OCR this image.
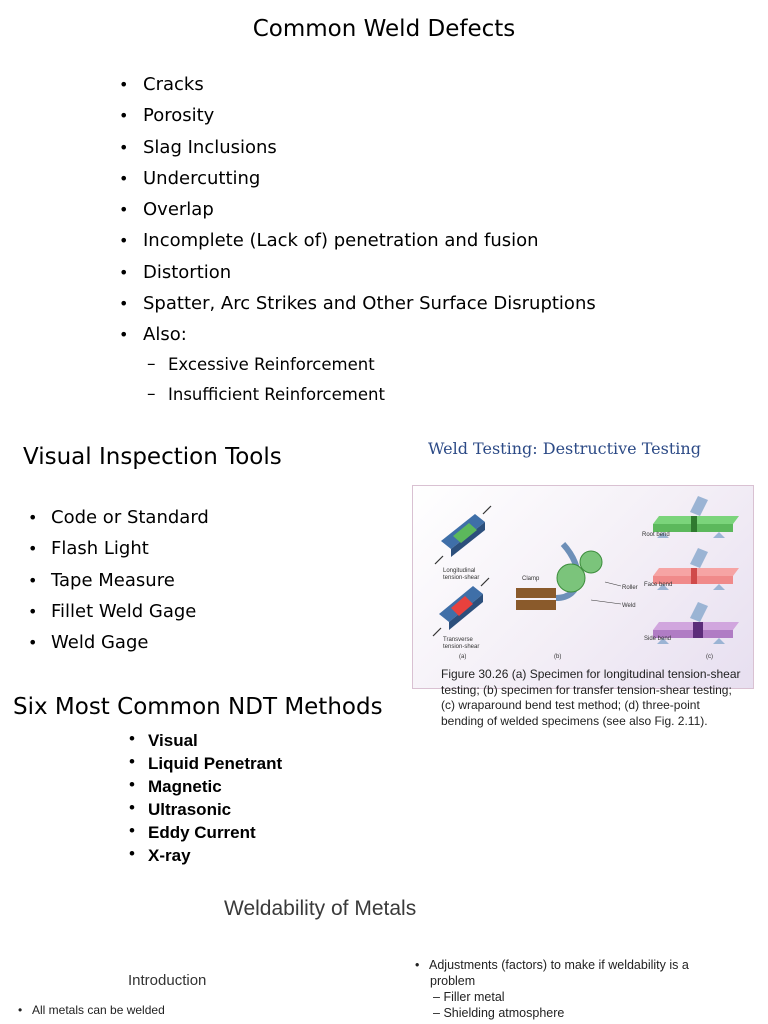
Common Weld Defects
• Cracks
• Porosity
• Slag Inclusions
• Undercutting
• Overlap
• Incomplete (Lack of) penetration and fusion
• Distortion
• Spatter, Arc Strikes and Other Surface Disruptions
• Also:
– Excessive Reinforcement
– Insufficient Reinforcement
Visual Inspection Tools
• Code or Standard
• Flash Light
• Tape Measure
• Fillet Weld Gage
• Weld Gage
Six Most Common NDT Methods
• Visual
• Liquid Penetrant
• Magnetic
• Ultrasonic
• Eddy Current
• X-ray
Weld Testing: Destructive Testing
Root bend
Face bend
Side bend
Clamp
Roller
Weld
(a)	(b)	(c)
Longitudinal tension-shear
Transverse tension-shear
Figure 30.26 (a) Specimen for longitudinal tension-shear testing; (b) specimen for transfer tension-shear testing; (c) wraparound bend test method; (d) three-point bending of welded specimens (see also Fig. 2.11).
Weldability of Metals
Introduction
• All metals can be welded
• Adjustments (factors) to make if weldability is a
problem
– Filler metal
– Shielding atmosphere
